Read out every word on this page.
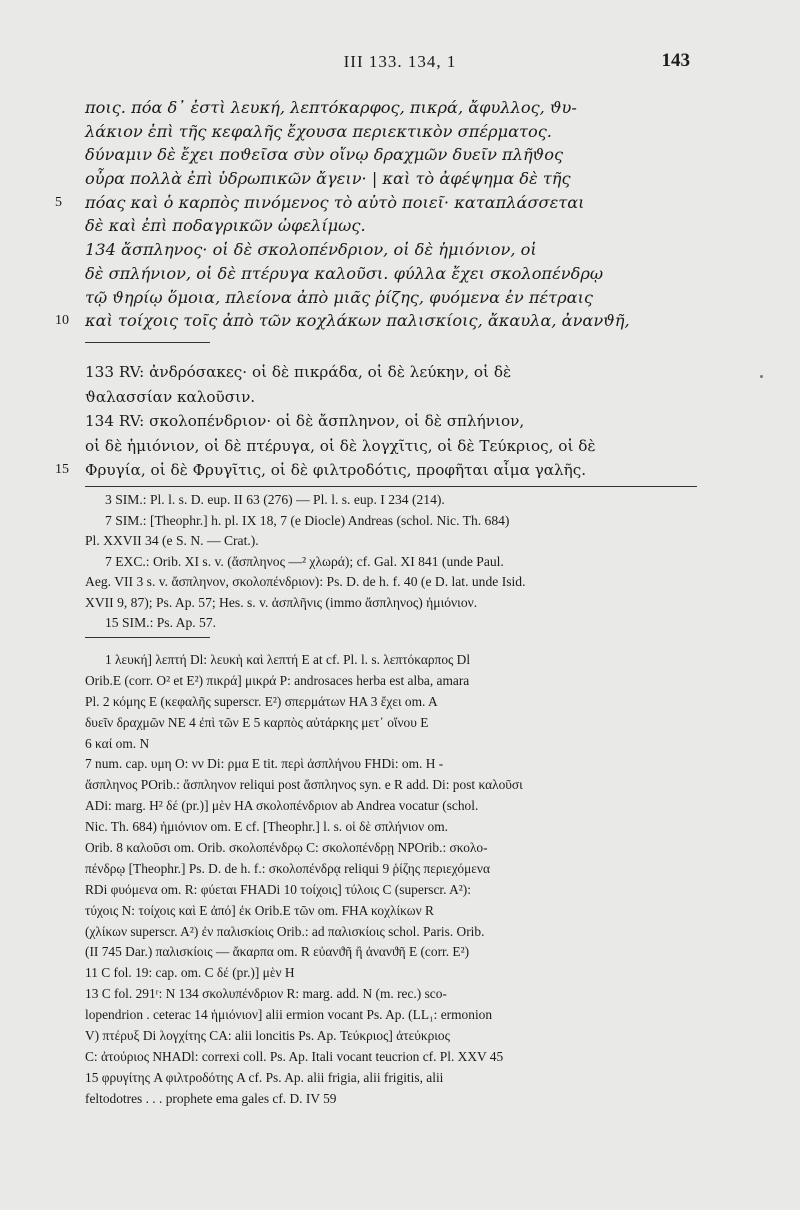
III 133. 134, 1	143
ποις. πόα δ᾽ ἐστὶ λευκή, λεπτόκαρφος, πικρά, ἄφυλλος, ϑυ-
λάκιον ἐπὶ τῆς κεφαλῆς ἔχουσα περιεκτικὸν σπέρματος.
δύναμιν δὲ ἔχει ποϑεῖσα σὺν οἴνῳ δραχμῶν δυεῖν πλῆϑος
οὖρα πολλὰ ἐπὶ ὑδρωπικῶν ἄγειν· | καὶ τὸ ἀφέψημα δὲ τῆς
5 πόας καὶ ὁ καρπὸς πινόμενος τὸ αὐτὸ ποιεῖ· καταπλάσσεται
δὲ καὶ ἐπὶ ποδαγρικῶν ὠφελίμως.
134 ἄσπληνος· οἱ δὲ σκολοπένδριον, οἱ δὲ ἡμιόνιον, οἱ
δὲ σπλήνιον, οἱ δὲ πτέρυγα καλοῦσι. φύλλα ἔχει σκολοπένδρῳ
τῷ ϑηρίῳ ὅμοια, πλείονα ἀπὸ μιᾶς ῥίζης, φυόμενα ἐν πέτραις
10 καὶ τοίχοις τοῖς ἀπὸ τῶν κοχλάκων παλισκίοις, ἄκαυλα, ἀνανϑῆ,
133 RV: ἀνδρόσακες· οἱ δὲ πικράδα, οἱ δὲ λεύκην, οἱ δὲ
ϑαλασσίαν καλοῦσιν.
134 RV: σκολοπένδριον· οἱ δὲ ἄσπληνον, οἱ δὲ σπλήνιον,
οἱ δὲ ἡμιόνιον, οἱ δὲ πτέρυγα, οἱ δὲ λογχῖτις, οἱ δὲ Τεύκριος, οἱ δὲ
15 Φρυγία, οἱ δὲ Φρυγῖτις, οἱ δὲ φιλτροδότις, προφῆται αἷμα γαλῆς.
3 SIM.: Pl. l. s. D. eup. II 63 (276) — Pl. l. s. eup. I 234 (214).
7 SIM.: [Theophr.] h. pl. IX 18, 7 (e Diocle) Andreas (schol. Nic. Th. 684)
Pl. XXVII 34 (e S. N. — Crat.).
7 EXC.: Orib. XI s. v. (ἄσπληνος —² χλωρά); cf. Gal. XI 841 (unde Paul.
Aeg. VII 3 s. v. ἄσπληνον, σκολοπένδριον): Ps. D. de h. f. 40 (e D. lat. unde Isid.
XVII 9, 87); Ps. Ap. 57; Hes. s. v. ἀσπλῆνις (immo ἄσπληνος) ἡμιόνιον.
15 SIM.: Ps. Ap. 57.
1 λευκή] λεπτή Dl: λευκὴ καὶ λεπτή E at cf. Pl. l. s. λεπτόκαρπος Dl
Orib.E (corr. O² et E²) πικρά] μικρά P: androsaces herba est alba, amara
Pl. 2 κόμης E (κεφαλῆς superscr. E²) σπερμάτων HA 3 ἔχει om. A
δυεῖν δραχμῶν NE 4 ἐπὶ τῶν E 5 καρπὸς αὐτάρκης μετ᾽ οἴνου E
6 καί om. N
7 num. cap. υμη O: νν Di: ρμα E tit. περὶ ἀσπλήνου FHDi: om. H -
ἄσπληνος POrib.: ἄσπληνον reliqui post ἄσπληνος syn. e R add. Di: post καλοῦσι
ADi: marg. H² δέ (pr.)] μὲν HA σκολοπένδριον ab Andrea vocatur (schol.
Nic. Th. 684) ἡμιόνιον om. E cf. [Theophr.] l. s. οἱ δὲ σπλήνιον om.
Orib. 8 καλοῦσι om. Orib. σκολοπένδρῳ C: σκολοπένδρῃ NPOrib.: σκολο-
πένδρῳ [Theophr.] Ps. D. de h. f.: σκολοπένδρᾳ reliqui 9 ῥίζης περιεχόμενα
RDi φυόμενα om. R: φύεται FHADi 10 τοίχοις] τύλοις C (superscr. A²):
τύχοις N: τοίχοις καὶ E ἀπό] ἐκ Orib.E τῶν om. FHA κοχλίκων R
(χλίκων superscr. A²) ἐν παλισκίοις Orib.: ad παλισκίοις schol. Paris. Orib.
(II 745 Dar.) παλισκίοις — ἄκαρπα om. R εὐανϑῆ ἢ ἀνανϑῆ E (corr. E²)
11 C fol. 19: cap. om. C δέ (pr.)] μὲν H
13 C fol. 291ʳ: N 134 σκολυπένδριον R: marg. add. N (m. rec.) sco-
lopendrion . ceterac 14 ἡμιόνιον] alii ermion vocant Ps. Ap. (LL₁: ermonion
V) πτέρυξ Di λογχίτης CA: alii loncitis Ps. Ap. Τεύκριος] ἀτεύκριος
C: ἀτούριος NHADl: correxi coll. Ps. Ap. Itali vocant teucrion cf. Pl. XXV 45
15 φρυγίτης A φιλτροδότης A cf. Ps. Ap. alii frigia, alii frigitis, alii
feltodotres . . . prophete ema gales cf. D. IV 59
